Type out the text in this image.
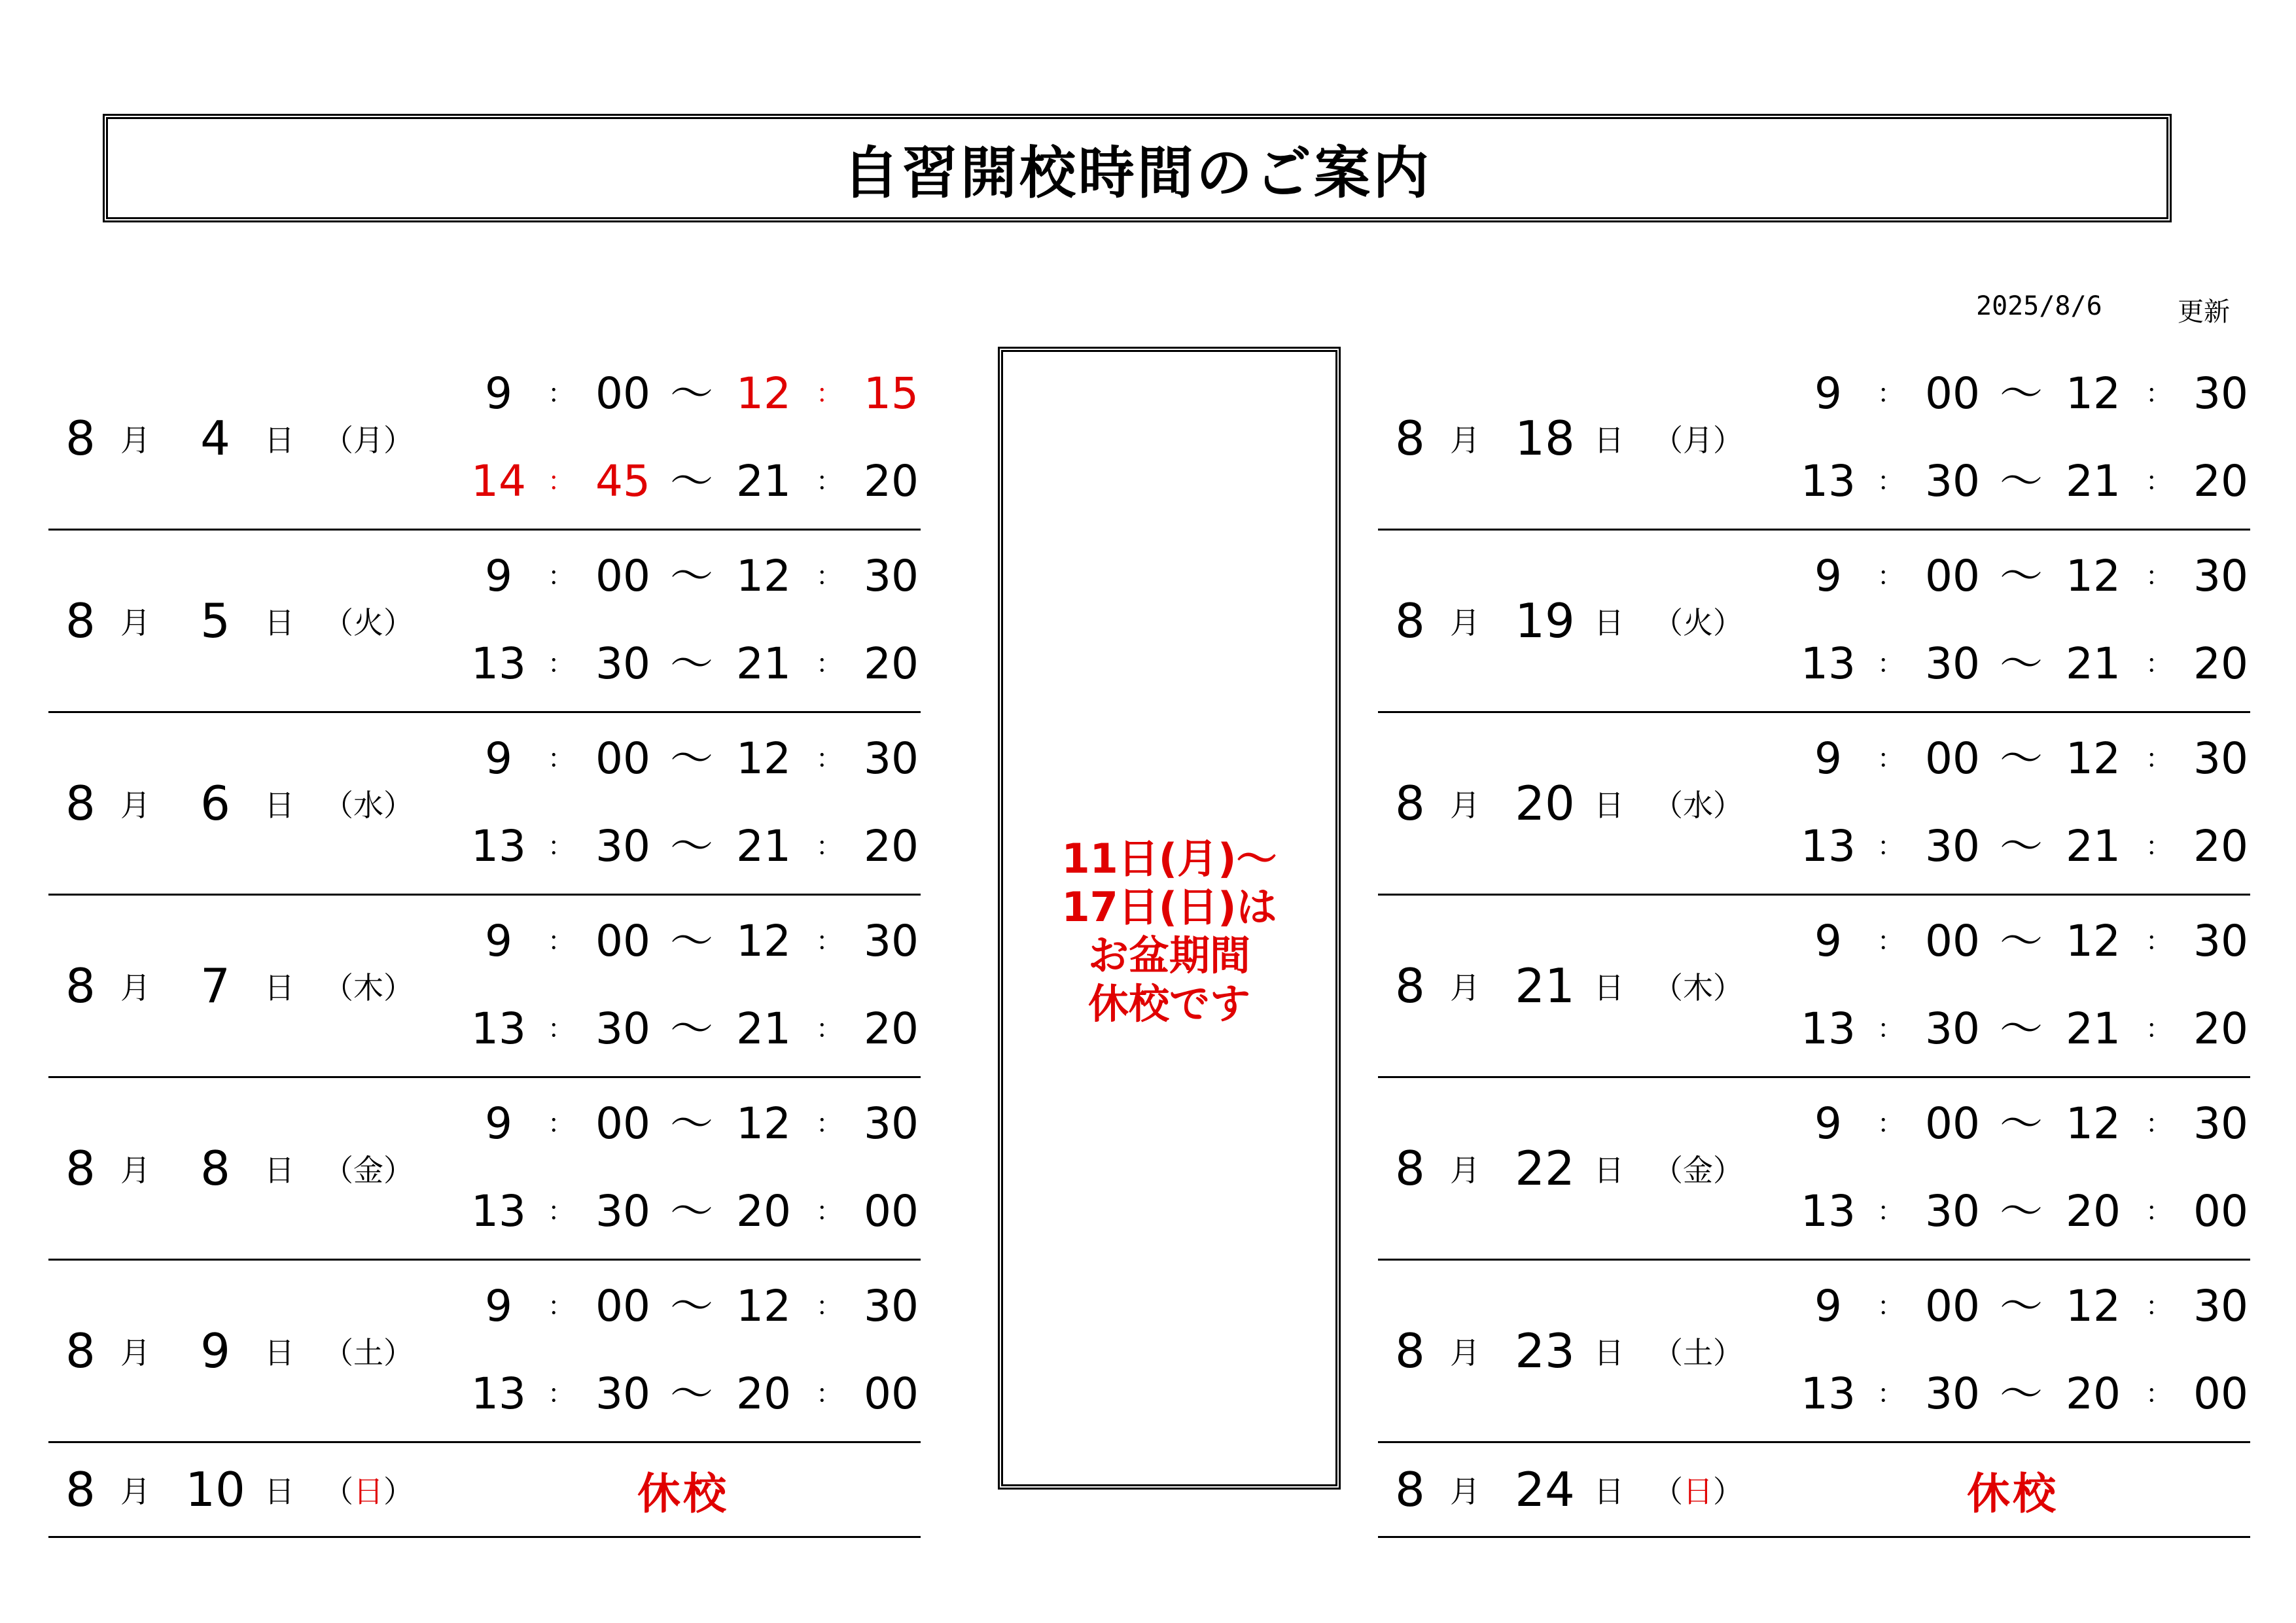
自習開校時間のご案内
2025/8/6	更新
8 月	4	日 （月）
9	： 00 ～ 12 ： 15
14 ： 45 ～ 21 ： 20
8 月	5	日 （火）
9	： 00 ～ 12 ： 30
13 ： 30 ～ 21 ： 20
8 月	6	日 （水）
9	： 00 ～ 12 ： 30
13 ： 30 ～ 21 ： 20
8 月	7	日 （木）
9	： 00 ～ 12 ： 30
13 ： 30 ～ 21 ： 20
8 月	8	日 （金）
9	： 00 ～ 12 ： 30
13 ： 30 ～ 20 ： 00
8 月	9	日 （土）
9	： 00 ～ 12 ： 30
13 ： 30 ～ 20 ： 00
8 月 10 日 （日）	休校
11日(月)～
17日(日)は
お盆期間
休校です
8 月 18 日 （月）
9	： 00 ～ 12 ： 30
13 ： 30 ～ 21 ： 20
8 月 19 日 （火）
9	： 00 ～ 12 ： 30
13 ： 30 ～ 21 ： 20
8 月 20 日 （水）
9	： 00 ～ 12 ： 30
13 ： 30 ～ 21 ： 20
8 月 21 日 （木）
9	： 00 ～ 12 ： 30
13 ： 30 ～ 21 ： 20
8 月 22 日 （金）
9	： 00 ～ 12 ： 30
13 ： 30 ～ 20 ： 00
8 月 23 日 （土）
9	： 00 ～ 12 ： 30
13 ： 30 ～ 20 ： 00
8 月 24 日 （日）	休校
